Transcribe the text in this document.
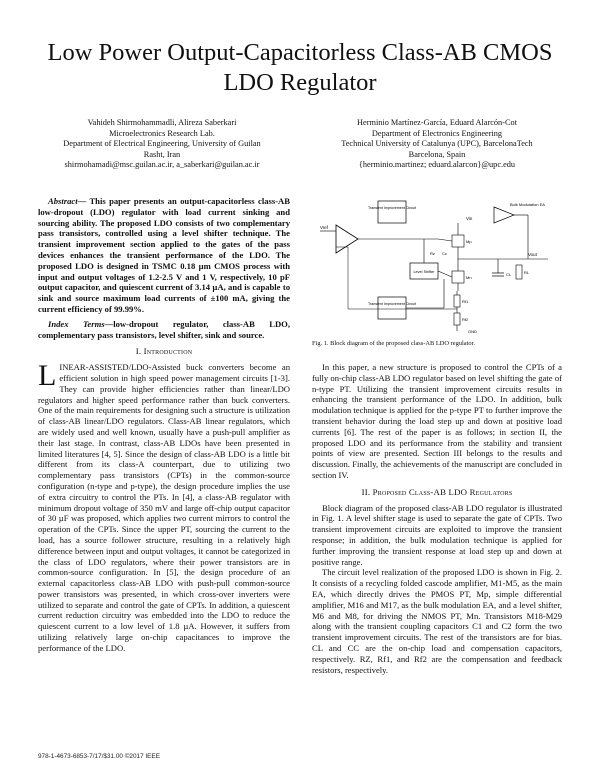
Low Power Output-Capacitorless Class-AB CMOS
LDO Regulator
Vahideh Shirmohammadli, Alireza Saberkari
Microelectronics Research Lab.
Department of Electrical Engineering, University of Guilan
Rasht, Iran
shirmohamadi@msc.guilan.ac.ir, a_saberkari@guilan.ac.ir
Herminio Martínez-García, Eduard Alarcón-Cot
Department of Electronics Engineering
Technical University of Catalunya (UPC), BarcelonaTech
Barcelona, Spain
{herminio.martinez; eduard.alarcon}@upc.edu

Abstract— This paper presents an output-capacitorless class-AB low-dropout (LDO) regulator with load current sinking and sourcing ability. The proposed LDO consists of two complementary pass transistors, controlled using a level shifter technique. The transient improvement section applied to the gates of the pass devices enhances the transient performance of the LDO. The proposed LDO is designed in TSMC 0.18 µm CMOS process with input and output voltages of 1.2-2.5 V and 1 V, respectively, 10 pF output capacitor, and quiescent current of 3.14 µA, and is capable to sink and source maximum load currents of ±100 mA, giving the current efficiency of 99.99%.

Index Terms—low-dropout regulator, class-AB LDO, complementary pass transistors, level shifter, sink and source.

I. Introduction

LINEAR-ASSISTED/LDO-Assisted buck converters become an efficient solution in high speed power management circuits [1-3]. They can provide higher efficiencies rather than linear/LDO regulators and higher speed performance rather than buck converters. One of the main requirements for designing such a structure is utilization of class-AB linear/LDO regulators. Class-AB linear regulators, which are widely used and well known, usually have a push-pull amplifier as their last stage. In contrast, class-AB LDOs have been presented in limited literatures [4, 5]. Since the design of class-AB LDO is a little bit different from its class-A counterpart, due to utilizing two complementary pass transistors (CPTs) in the common-source configuration (n-type and p-type), the design procedure implies the use of extra circuitry to control the PTs. In [4], a class-AB regulator with minimum dropout voltage of 350 mV and large off-chip output capacitor of 30 µF was proposed, which applies two current mirrors to control the operation of the CPTs. Since the upper PT, sourcing the current to the load, has a source follower structure, resulting in a relatively high difference between input and output voltages, it cannot be categorized in the class of LDO regulators, where their power transistors are in common-source configuration. In [5], the design procedure of an external capacitorless class-AB LDO with push-pull common-source power transistors was presented, in which cross-over inverters were utilized to separate and control the gate of CPTs. In addition, a quiescent current reduction circuitry was embedded into the LDO to reduce the quiescent current to a low level of 1.8 µA. However, it suffers from utilizing relatively large on-chip capacitances to improve the performance of the LDO.

Transient Improvement Circuit
Bulk Modulation EA
Vref
Vin
Mp
Vout
CL	RL
Mn
Level Shifter
Rz Cc
Transient Improvement Circuit	Rf1
Rf2
GND
Fig. 1. Block diagram of the proposed class-AB LDO regulator.

In this paper, a new structure is proposed to control the CPTs of a fully on-chip class-AB LDO regulator based on level shifting the gate of n-type PT. Utilizing the transient improvement circuits results in enhancing the transient performance of the LDO. In addition, bulk modulation technique is applied for the p-type PT to further improve the transient behavior during the load step up and down at positive load currents [6]. The rest of the paper is as follows; in section II, the proposed LDO and its performance from the stability and transient points of view are presented. Section III belongs to the results and discussion. Finally, the achievements of the manuscript are concluded in section IV.

II. Proposed Class-AB LDO Regulators

Block diagram of the proposed class-AB LDO regulator is illustrated in Fig. 1. A level shifter stage is used to separate the gate of CPTs. Two transient improvement circuits are exploited to improve the transient response; in addition, the bulk modulation technique is applied for further improving the transient response at load step up and down at positive range.

The circuit level realization of the proposed LDO is shown in Fig. 2. It consists of a recycling folded cascode amplifier, M1-M5, as the main EA, which directly drives the PMOS PT, Mp, simple differential amplifier, M16 and M17, as the bulk modulation EA, and a level shifter, M6 and M8, for driving the NMOS PT, Mn. Transistors M18-M29 along with the transient coupling capacitors C1 and C2 form the two transient improvement circuits. The rest of the transistors are for bias. CL and CC are the on-chip load and compensation capacitors, respectively. RZ, Rf1, and Rf2 are the compensation and feedback resistors, respectively.

978-1-4673-6853-7/17/$31.00 ©2017 IEEE
